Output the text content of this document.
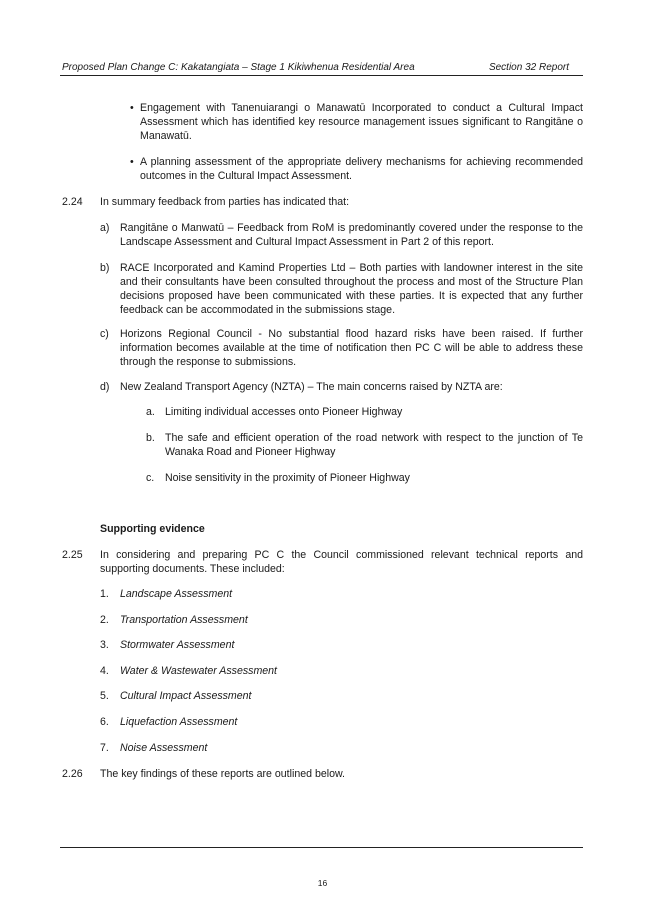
Proposed Plan Change C: Kakatangiata – Stage 1 Kikiwhenua Residential Area	Section 32 Report
• Engagement with Tanenuiarangi o Manawatū Incorporated to conduct a Cultural Impact Assessment which has identified key resource management issues significant to Rangitāne o Manawatū.
• A planning assessment of the appropriate delivery mechanisms for achieving recommended outcomes in the Cultural Impact Assessment.
2.24 In summary feedback from parties has indicated that:
a) Rangitāne o Manwatū – Feedback from RoM is predominantly covered under the response to the Landscape Assessment and Cultural Impact Assessment in Part 2 of this report.
b) RACE Incorporated and Kamind Properties Ltd – Both parties with landowner interest in the site and their consultants have been consulted throughout the process and most of the Structure Plan decisions proposed have been communicated with these parties. It is expected that any further feedback can be accommodated in the submissions stage.
c) Horizons Regional Council - No substantial flood hazard risks have been raised. If further information becomes available at the time of notification then PC C will be able to address these through the response to submissions.
d) New Zealand Transport Agency (NZTA) – The main concerns raised by NZTA are:
a. Limiting individual accesses onto Pioneer Highway
b. The safe and efficient operation of the road network with respect to the junction of Te Wanaka Road and Pioneer Highway
c. Noise sensitivity in the proximity of Pioneer Highway
Supporting evidence
2.25 In considering and preparing PC C the Council commissioned relevant technical reports and supporting documents. These included:
1. Landscape Assessment
2. Transportation Assessment
3. Stormwater Assessment
4. Water & Wastewater Assessment
5. Cultural Impact Assessment
6. Liquefaction Assessment
7. Noise Assessment
2.26 The key findings of these reports are outlined below.
16
